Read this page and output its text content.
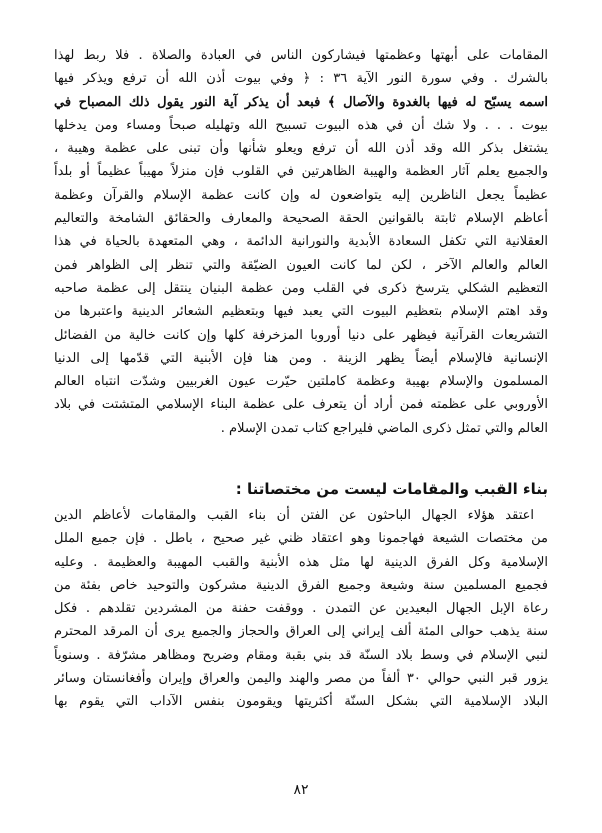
المقامات على أبهتها وعظمتها فيشاركون الناس في العبادة والصلاة . فلا ربط لهذا

بالشرك . وفي سورة النور الآية ٣٦ : ﴿ وفي بيوت أذن الله أن ترفع ويذكر فيها

اسمه يسبّح له فيها بالغدوة والآصال ﴾ فبعد أن يذكر آية النور يقول ذلك المصباح في

بيوت . . . ولا شك أن في هذه البيوت تسبيح الله وتهليله صبحاً ومساء ومن يدخلها

يشتغل بذكر الله وقد أذن الله أن ترفع ويعلو شأنها وأن تبنى على عظمة وهيبة ،

والجميع يعلم آثار العظمة والهيبة الظاهرتين في القلوب فإن منزلاً مهيباً عظيماً أو بلداً

عظيماً يجعل الناظرين إليه يتواضعون له وإن كانت عظمة الإسلام والقرآن وعظمة

أعاظم الإسلام ثابتة بالقوانين الحقة الصحيحة والمعارف والحقائق الشامخة والتعاليم

العقلانية التي تكفل السعادة الأبدية والنورانية الدائمة ، وهي المتعهدة بالحياة في هذا

العالم والعالم الآخر ، لكن لما كانت العيون الضيّقة والتي تنظر إلى الظواهر فمن

التعظيم الشكلي يترسخ ذكرى في القلب ومن عظمة البنيان ينتقل إلى عظمة صاحبه

وقد اهتم الإسلام بتعظيم البيوت التي يعبد فيها وبتعظيم الشعائر الدينية واعتبرها من

التشريعات القرآنية فيظهر على دنيا أوروبا المزخرفة كلها وإن كانت خالية من الفضائل

الإنسانية فالإسلام أيضاً يظهر الزينة . ومن هنا فإن الأبنية التي قدّمها إلى الدنيا

المسلمون والإسلام بهيبة وعظمة كاملتين حيّرت عيون الغربيين وشدّت انتباه العالم

الأوروبي على عظمته فمن أراد أن يتعرف على عظمة البناء الإسلامي المتشتت في بلاد

العالم والتي تمثل ذكرى الماضي فليراجع كتاب تمدن الإسلام .

بناء القبب والمقامات ليست من مختصاتنا :

اعتقد هؤلاء الجهال الباحثون عن الفتن أن بناء القبب والمقامات لأعاظم الدين

من مختصات الشيعة فهاجمونا وهو اعتقاد ظني غير صحيح ، باطل . فإن جميع الملل

الإسلامية وكل الفرق الدينية لها مثل هذه الأبنية والقبب المهيبة والعظيمة . وعليه

فجميع المسلمين سنة وشيعة وجميع الفرق الدينية مشركون والتوحيد خاص بفئة من

رعاة الإبل الجهال البعيدين عن التمدن . ووقفت حفنة من المشردين تقلدهم . فكل

سنة يذهب حوالى المئة ألف إيراني إلى العراق والحجاز والجميع يرى أن المرقد المحترم

لنبي الإسلام في وسط بلاد السنّة قد بني بقبة ومقام وضريح ومظاهر مشرّفة . وسنوياً

يزور قبر النبي حوالي ٣٠ ألفاً من مصر والهند واليمن والعراق وإيران وأفغانستان وسائر

البلاد الإسلامية التي بشكل السنّة أكثريتها ويقومون بنفس الآداب التي يقوم بها

٨٢
